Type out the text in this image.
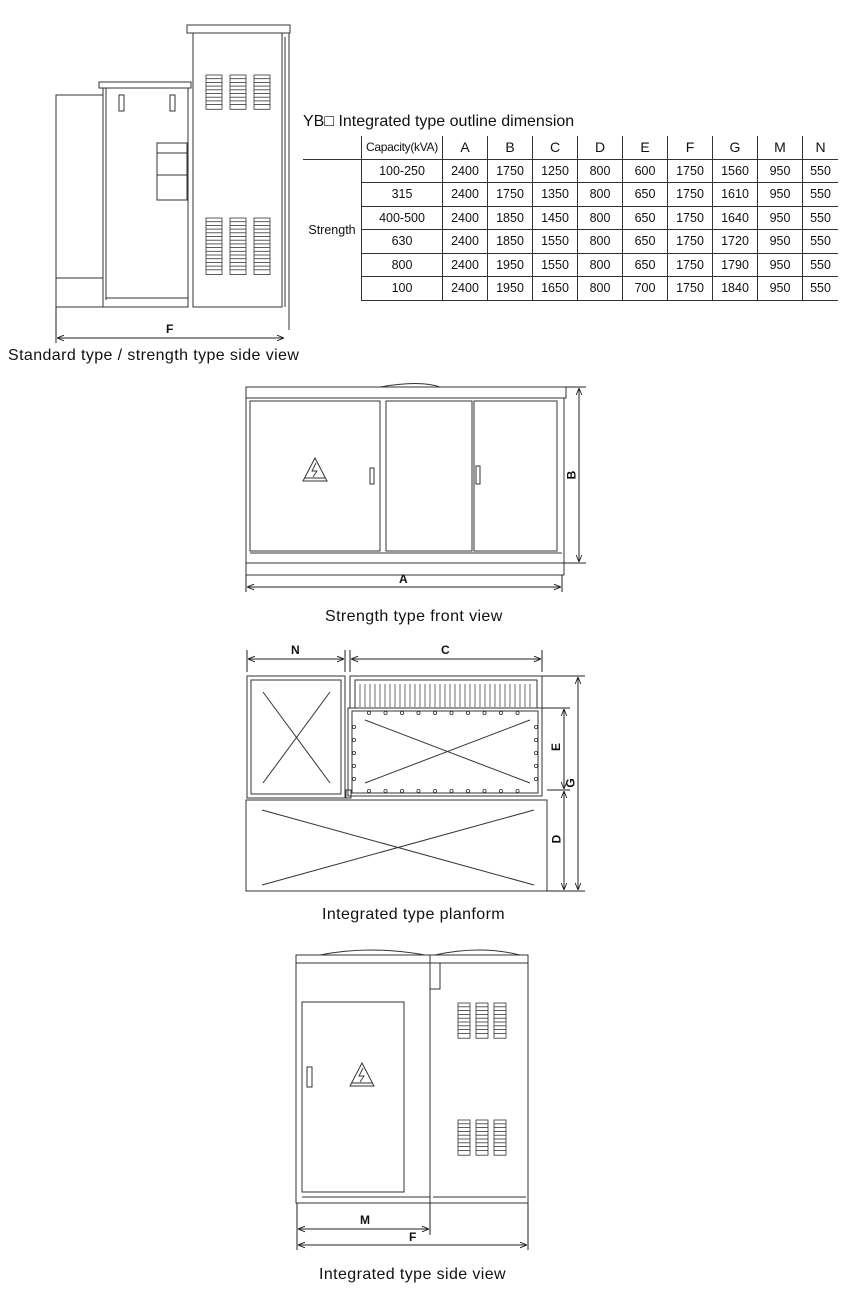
YB□ Integrated type outline dimension
	Capacity(kVA)	A	B	C	D	E	F	G	M	N
Strength	100-250	2400	1750	1250	800	600	1750	1560	950	550
	315	2400	1750	1350	800	650	1750	1610	950	550
	400-500	2400	1850	1450	800	650	1750	1640	950	550
	630	2400	1850	1550	800	650	1750	1720	950	550
	800	2400	1950	1550	800	650	1750	1790	950	550
	100	2400	1950	1650	800	700	1750	1840	950	550
F
Standard type / strength type side view
A
B
Strength type front view
N	C
E
G
D
Integrated type planform
M
F
Integrated type side view
